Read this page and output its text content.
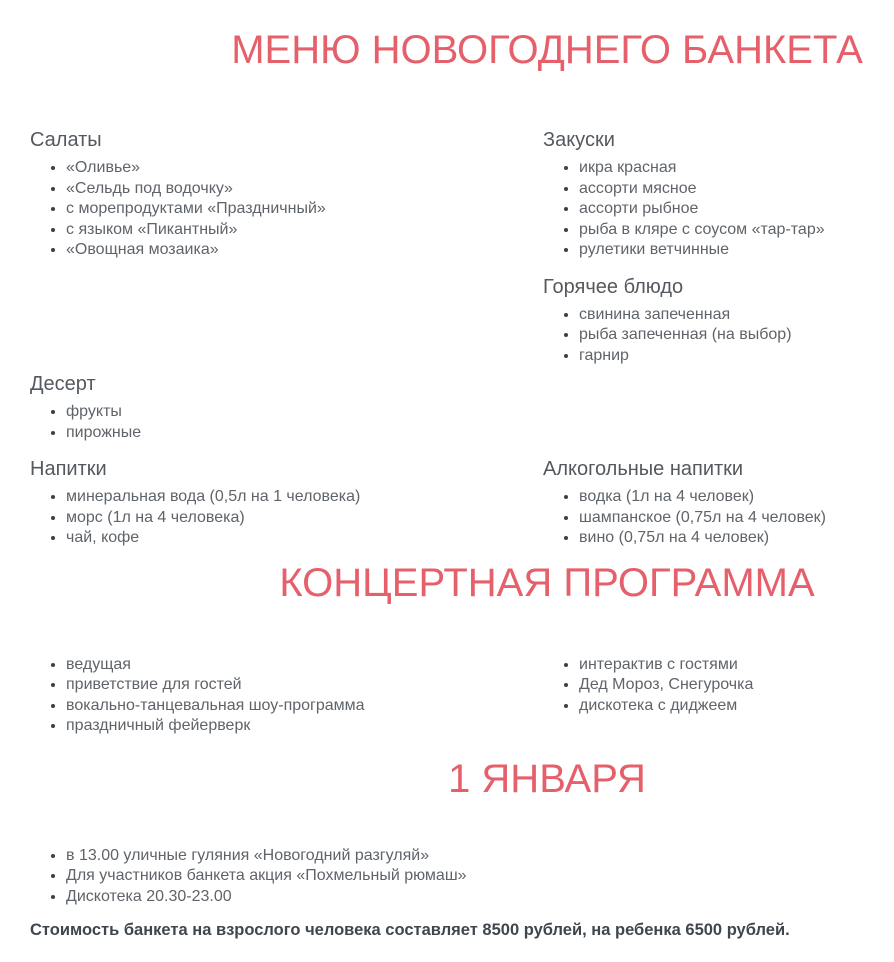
МЕНЮ НОВОГОДНЕГО БАНКЕТА
Салаты
• «Оливье»
• «Сельдь под водочку»
• с морепродуктами «Праздничный»
• с языком «Пикантный»
• «Овощная мозаика»
Закуски
• икра красная
• ассорти мясное
• ассорти рыбное
• рыба в кляре с соусом «тар-тар»
• рулетики ветчинные
Горячее блюдо
• свинина запеченная
• рыба запеченная (на выбор)
• гарнир
Десерт
• фрукты
• пирожные
Напитки
• минеральная вода (0,5л на 1 человека)
• морс (1л на 4 человека)
• чай, кофе
Алкогольные напитки
• водка (1л на 4 человек)
• шампанское (0,75л на 4 человек)
• вино (0,75л на 4 человек)
КОНЦЕРТНАЯ ПРОГРАММА
• ведущая
• приветствие для гостей
• вокально-танцевальная шоу-программа
• праздничный фейерверк
• интерактив с гостями
• Дед Мороз, Снегурочка
• дискотека с диджеем
1 ЯНВАРЯ
• в 13.00 уличные гуляния «Новогодний разгуляй»
• Для участников банкета акция «Похмельный рюмаш»
• Дискотека 20.30-23.00

Стоимость банкета на взрослого человека составляет 8500 рублей, на ребенка 6500 рублей.
